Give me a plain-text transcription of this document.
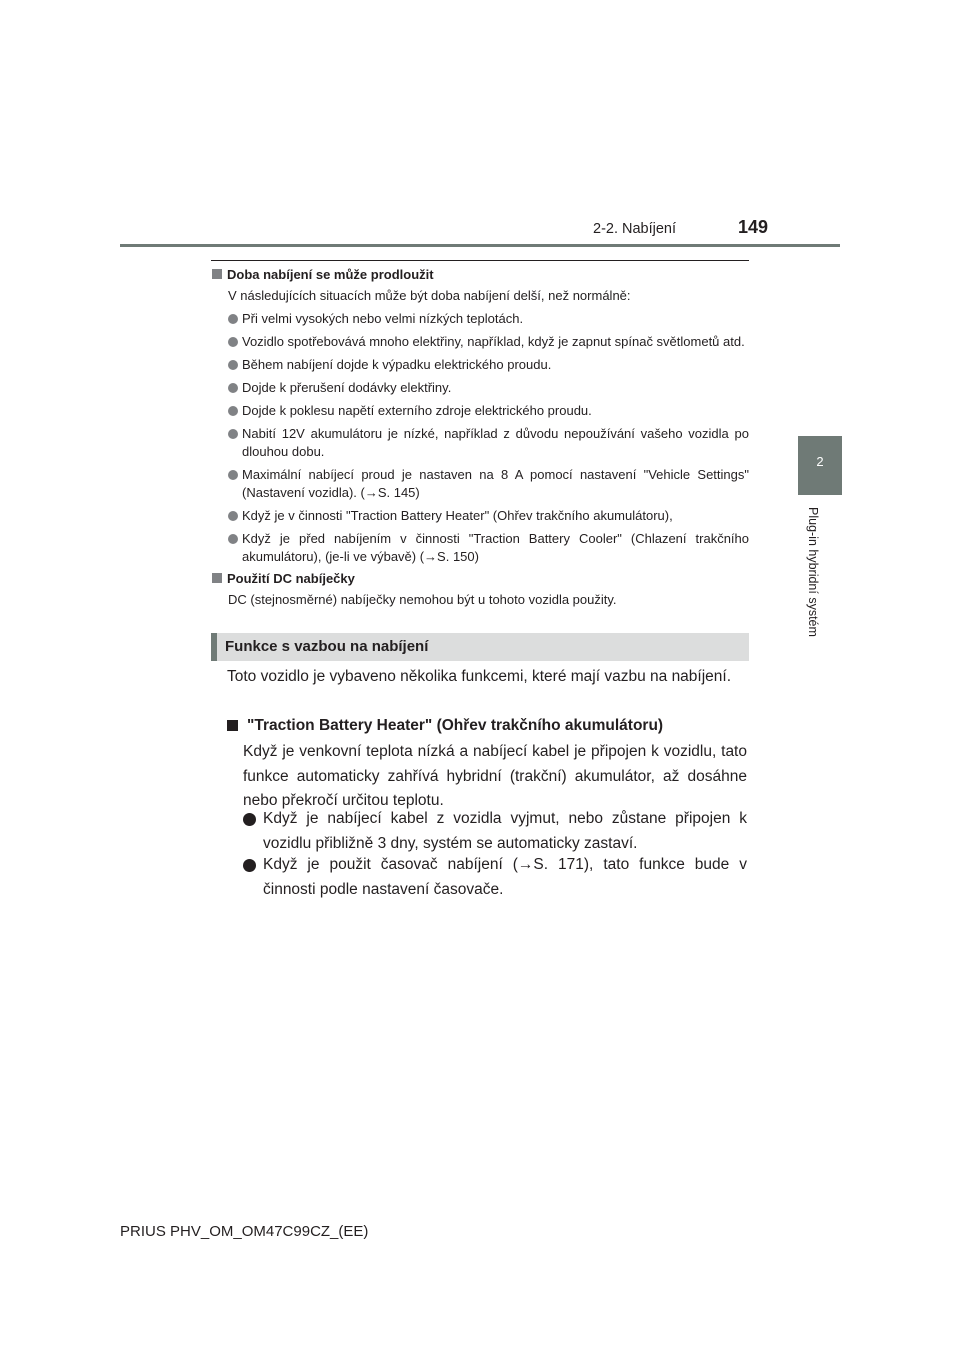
2-2. Nabíjení	149
2
Plug-in hybridní systém
Doba nabíjení se může prodloužit

V následujících situacích může být doba nabíjení delší, než normálně:

Při velmi vysokých nebo velmi nízkých teplotách.
Vozidlo spotřebovává mnoho elektřiny, například, když je zapnut spínač světlometů atd.
Během nabíjení dojde k výpadku elektrického proudu.
Dojde k přerušení dodávky elektřiny.
Dojde k poklesu napětí externího zdroje elektrického proudu.
Nabití 12V akumulátoru je nízké, například z důvodu nepoužívání vašeho vozidla po dlouhou dobu.
Maximální nabíjecí proud je nastaven na 8 A pomocí nastavení "Vehicle Settings" (Nastavení vozidla). (→S. 145)
Když je v činnosti "Traction Battery Heater" (Ohřev trakčního akumulátoru),
Když je před nabíjením v činnosti "Traction Battery Cooler" (Chlazení trakčního akumulátoru), (je-li ve výbavě) (→S. 150)
Použití DC nabíječky

DC (stejnosměrné) nabíječky nemohou být u tohoto vozidla použity.

Funkce s vazbou na nabíjení
Toto vozidlo je vybaveno několika funkcemi, které mají vazbu na nabíjení.
"Traction Battery Heater" (Ohřev trakčního akumulátoru)
Když je venkovní teplota nízká a nabíjecí kabel je připojen k vozidlu, tato funkce automaticky zahřívá hybridní (trakční) akumulátor, až dosáhne nebo překročí určitou teplotu.
Když je nabíjecí kabel z vozidla vyjmut, nebo zůstane připojen k vozidlu přibližně 3 dny, systém se automaticky zastaví.
Když je použit časovač nabíjení (→S. 171), tato funkce bude v činnosti podle nastavení časovače.
PRIUS PHV_OM_OM47C99CZ_(EE)
